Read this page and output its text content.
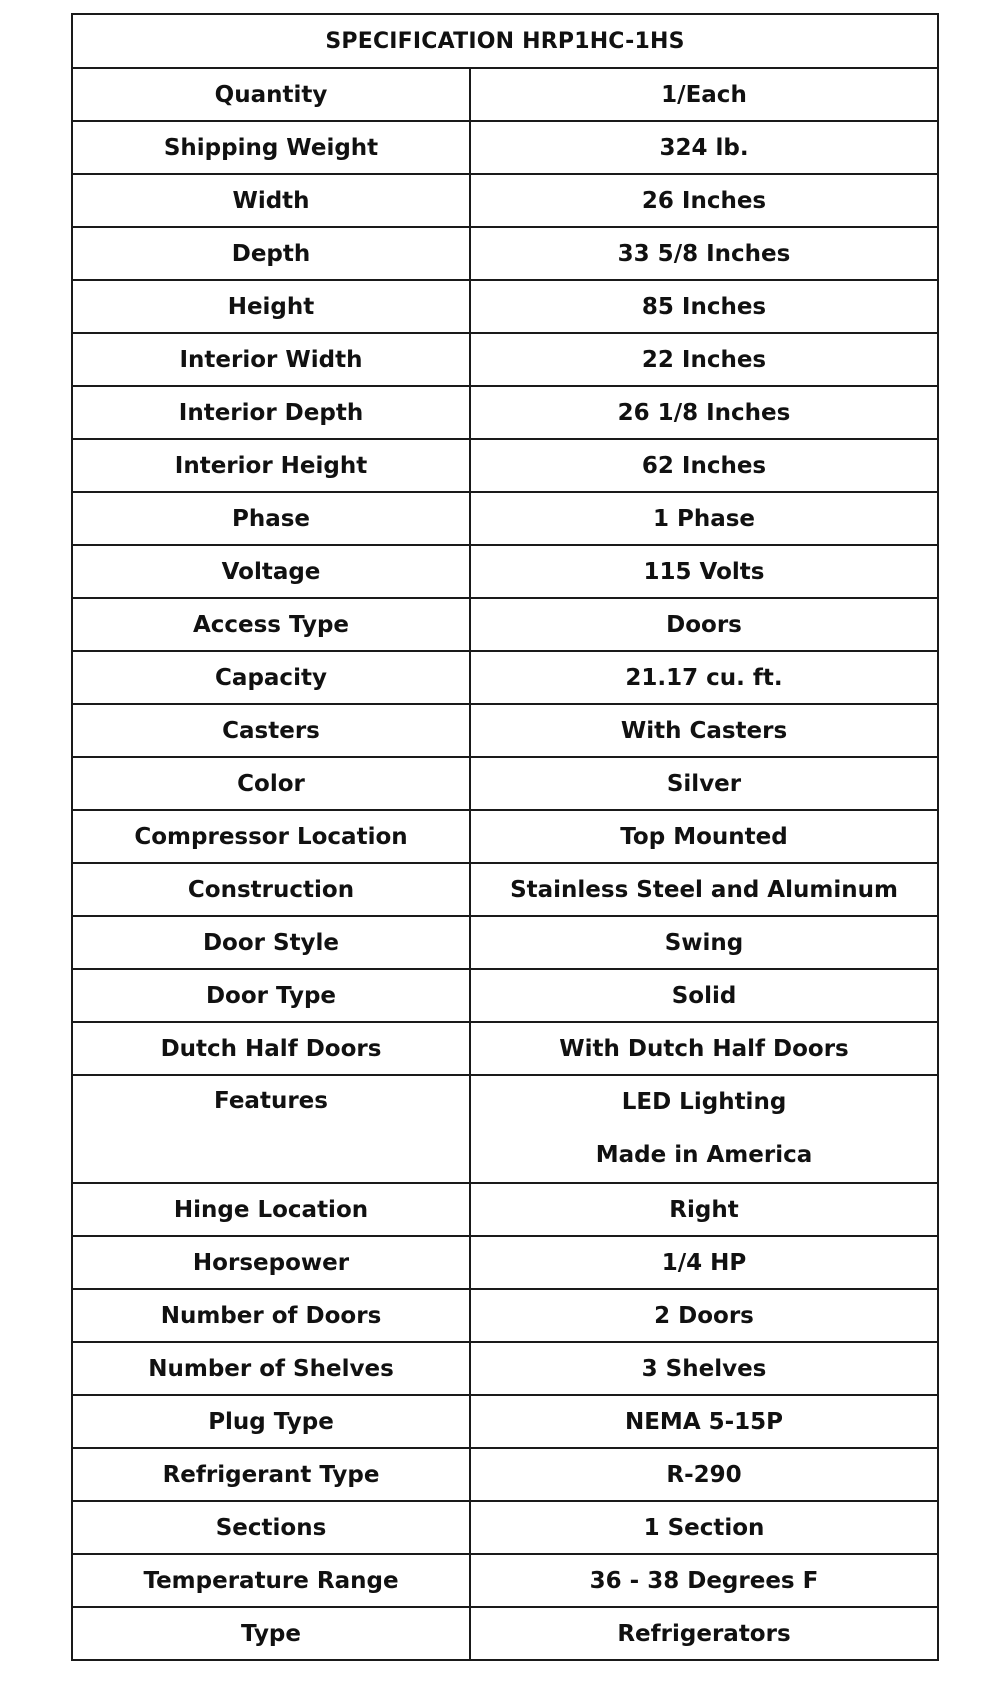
SPECIFICATION HRP1HC-1HS	
Quantity	1/Each
Shipping Weight	324 lb.
Width	26 Inches
Depth	33 5/8 Inches
Height	85 Inches
Interior Width	22 Inches
Interior Depth	26 1/8 Inches
Interior Height	62 Inches
Phase	1 Phase
Voltage	115 Volts
Access Type	Doors
Capacity	21.17 cu. ft.
Casters	With Casters
Color	Silver
Compressor Location	Top Mounted
Construction	Stainless Steel and Aluminum
Door Style	Swing
Door Type	Solid
Dutch Half Doors	With Dutch Half Doors
Features	LED Lighting
Made in America

Hinge Location	Right
Horsepower	1/4 HP
Number of Doors	2 Doors
Number of Shelves	3 Shelves
Plug Type	NEMA 5-15P
Refrigerant Type	R-290
Sections	1 Section
Temperature Range	36 - 38 Degrees F
Type	Refrigerators
